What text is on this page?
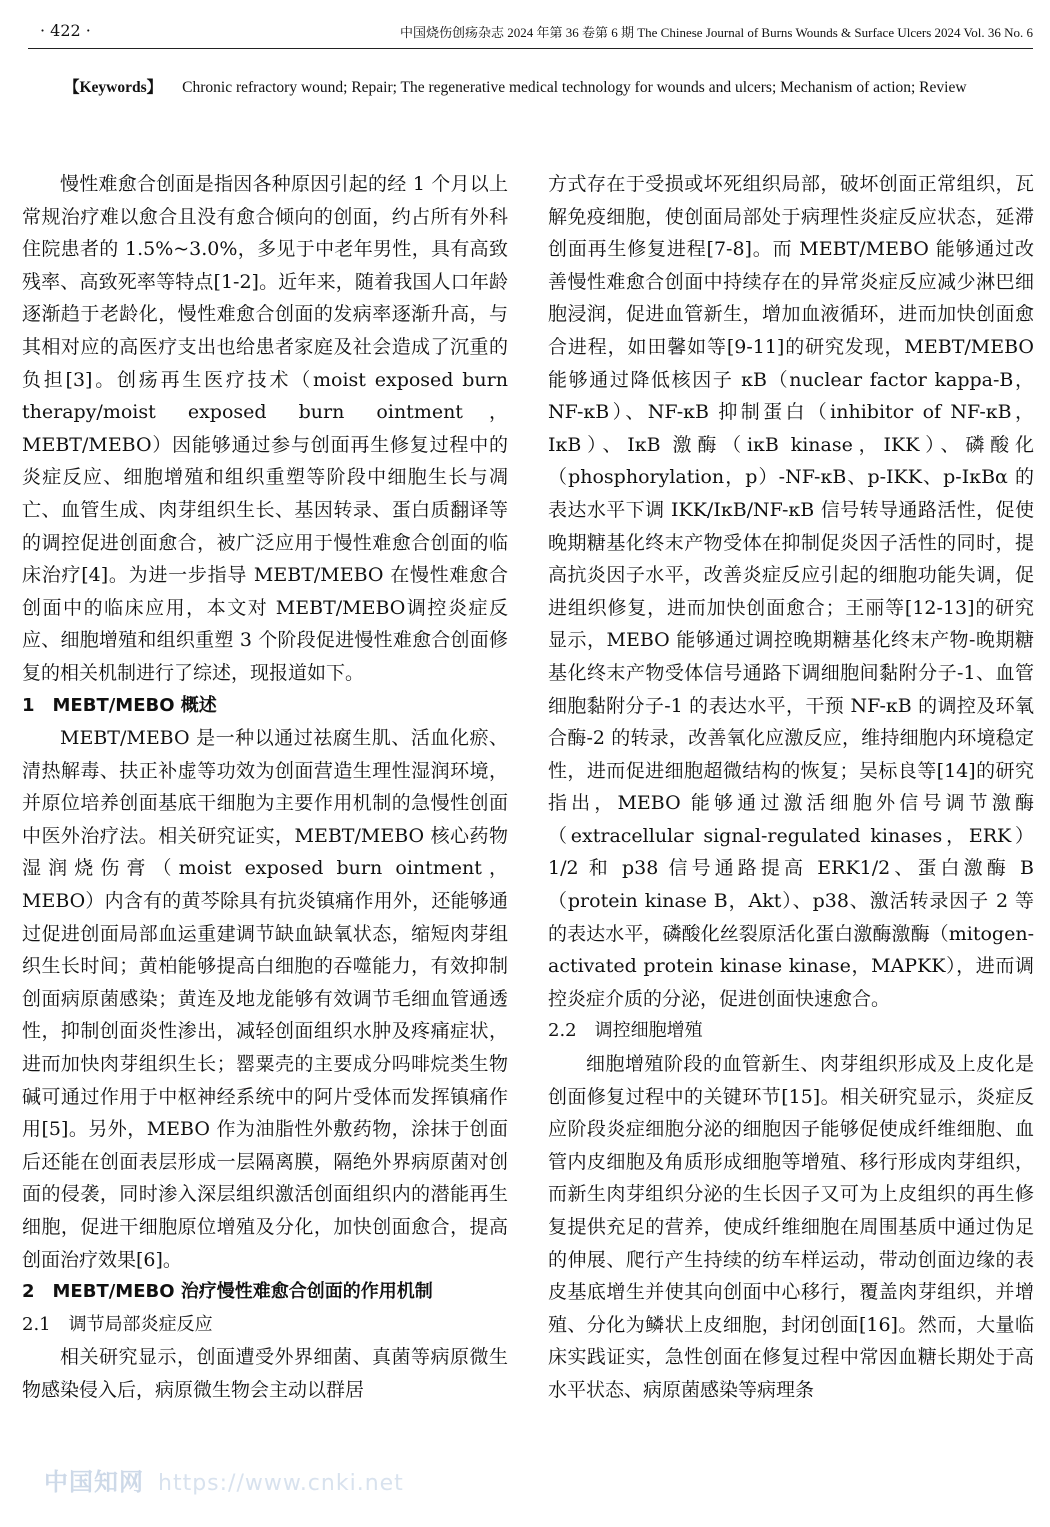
· 422 ·	中国烧伤创疡杂志 2024 年第 36 卷第 6 期 The Chinese Journal of Burns Wounds & Surface Ulcers 2024 Vol. 36 No. 6
【Keywords】 Chronic refractory wound; Repair; The regenerative medical technology for wounds and ulcers; Mechanism of action; Review

慢性难愈合创面是指因各种原因引起的经 1 个月以上常规治疗难以愈合且没有愈合倾向的创面，约占所有外科住院患者的 1.5%~3.0%，多见于中老年男性，具有高致残率、高致死率等特点[1-2]。近年来，随着我国人口年龄逐渐趋于老龄化，慢性难愈合创面的发病率逐渐升高，与其相对应的高医疗支出也给患者家庭及社会造成了沉重的负担[3]。创疡再生医疗技术（moist exposed burn therapy/moist exposed burn ointment，MEBT/MEBO）因能够通过参与创面再生修复过程中的炎症反应、细胞增殖和组织重塑等阶段中细胞生长与凋亡、血管生成、肉芽组织生长、基因转录、蛋白质翻译等的调控促进创面愈合，被广泛应用于慢性难愈合创面的临床治疗[4]。为进一步指导 MEBT/MEBO 在慢性难愈合创面中的临床应用，本文对 MEBT/MEBO调控炎症反应、细胞增殖和组织重塑 3 个阶段促进慢性难愈合创面修复的相关机制进行了综述，现报道如下。

1　MEBT/MEBO 概述

MEBT/MEBO 是一种以通过祛腐生肌、活血化瘀、清热解毒、扶正补虚等功效为创面营造生理性湿润环境，并原位培养创面基底干细胞为主要作用机制的急慢性创面中医外治疗法。相关研究证实，MEBT/MEBO 核心药物湿润烧伤膏（moist exposed burn ointment，MEBO）内含有的黄芩除具有抗炎镇痛作用外，还能够通过促进创面局部血运重建调节缺血缺氧状态，缩短肉芽组织生长时间；黄柏能够提高白细胞的吞噬能力，有效抑制创面病原菌感染；黄连及地龙能够有效调节毛细血管通透性，抑制创面炎性渗出，减轻创面组织水肿及疼痛症状，进而加快肉芽组织生长；罂粟壳的主要成分吗啡烷类生物碱可通过作用于中枢神经系统中的阿片受体而发挥镇痛作用[5]。另外，MEBO 作为油脂性外敷药物，涂抹于创面后还能在创面表层形成一层隔离膜，隔绝外界病原菌对创面的侵袭，同时渗入深层组织激活创面组织内的潜能再生细胞，促进干细胞原位增殖及分化，加快创面愈合，提高创面治疗效果[6]。

2　MEBT/MEBO 治疗慢性难愈合创面的作用机制

2.1　调节局部炎症反应

相关研究显示，创面遭受外界细菌、真菌等病原微生物感染侵入后，病原微生物会主动以群居

方式存在于受损或坏死组织局部，破坏创面正常组织，瓦解免疫细胞，使创面局部处于病理性炎症反应状态，延滞创面再生修复进程[7-8]。而 MEBT/MEBO 能够通过改善慢性难愈合创面中持续存在的异常炎症反应减少淋巴细胞浸润，促进血管新生，增加血液循环，进而加快创面愈合进程，如田馨如等[9-11]的研究发现，MEBT/MEBO 能够通过降低核因子 κB（nuclear factor kappa-B，NF-κB）、NF-κB 抑制蛋白（inhibitor of NF-κB，IκB）、IκB 激酶（iκB kinase，IKK）、磷酸化（phosphorylation，p）-NF-κB、p-IKK、p-IκBα 的表达水平下调 IKK/IκB/NF-κB 信号转导通路活性，促使晚期糖基化终末产物受体在抑制促炎因子活性的同时，提高抗炎因子水平，改善炎症反应引起的细胞功能失调，促进组织修复，进而加快创面愈合；王丽等[12-13]的研究显示，MEBO 能够通过调控晚期糖基化终末产物-晚期糖基化终末产物受体信号通路下调细胞间黏附分子-1、血管细胞黏附分子-1 的表达水平，干预 NF-κB 的调控及环氧合酶-2 的转录，改善氧化应激反应，维持细胞内环境稳定性，进而促进细胞超微结构的恢复；吴标良等[14]的研究指出，MEBO 能够通过激活细胞外信号调节激酶（extracellular signal-regulated kinases，ERK）1/2 和 p38 信号通路提高 ERK1/2、蛋白激酶 B（protein kinase B，Akt）、p38、激活转录因子 2 等的表达水平，磷酸化丝裂原活化蛋白激酶激酶（mitogen-activated protein kinase kinase，MAPKK），进而调控炎症介质的分泌，促进创面快速愈合。

2.2　调控细胞增殖

细胞增殖阶段的血管新生、肉芽组织形成及上皮化是创面修复过程中的关键环节[15]。相关研究显示，炎症反应阶段炎症细胞分泌的细胞因子能够促使成纤维细胞、血管内皮细胞及角质形成细胞等增殖、移行形成肉芽组织，而新生肉芽组织分泌的生长因子又可为上皮组织的再生修复提供充足的营养，使成纤维细胞在周围基质中通过伪足的伸展、爬行产生持续的纺车样运动，带动创面边缘的表皮基底增生并使其向创面中心移行，覆盖肉芽组织，并增殖、分化为鳞状上皮细胞，封闭创面[16]。然而，大量临床实践证实，急性创面在修复过程中常因血糖长期处于高水平状态、病原菌感染等病理条

中国知网 https://www.cnki.net
